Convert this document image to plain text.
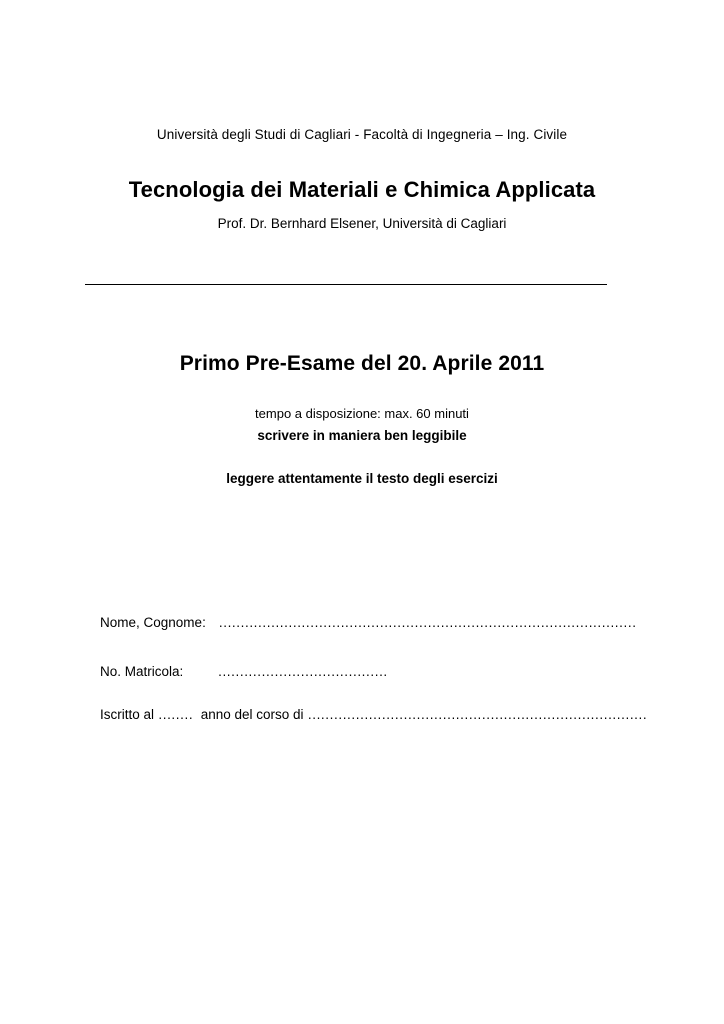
Università degli Studi di Cagliari - Facoltà di Ingegneria – Ing. Civile
Tecnologia dei Materiali e Chimica Applicata
Prof. Dr. Bernhard Elsener, Università di Cagliari
Primo Pre-Esame del 20. Aprile 2011
tempo a disposizione: max. 60 minuti
scrivere in maniera ben leggibile
leggere attentamente il testo degli esercizi

Nome, Cognome:   ................................................................................................

No. Matricola:        .......................................

Iscritto al ........  anno del corso di ..............................................................................
